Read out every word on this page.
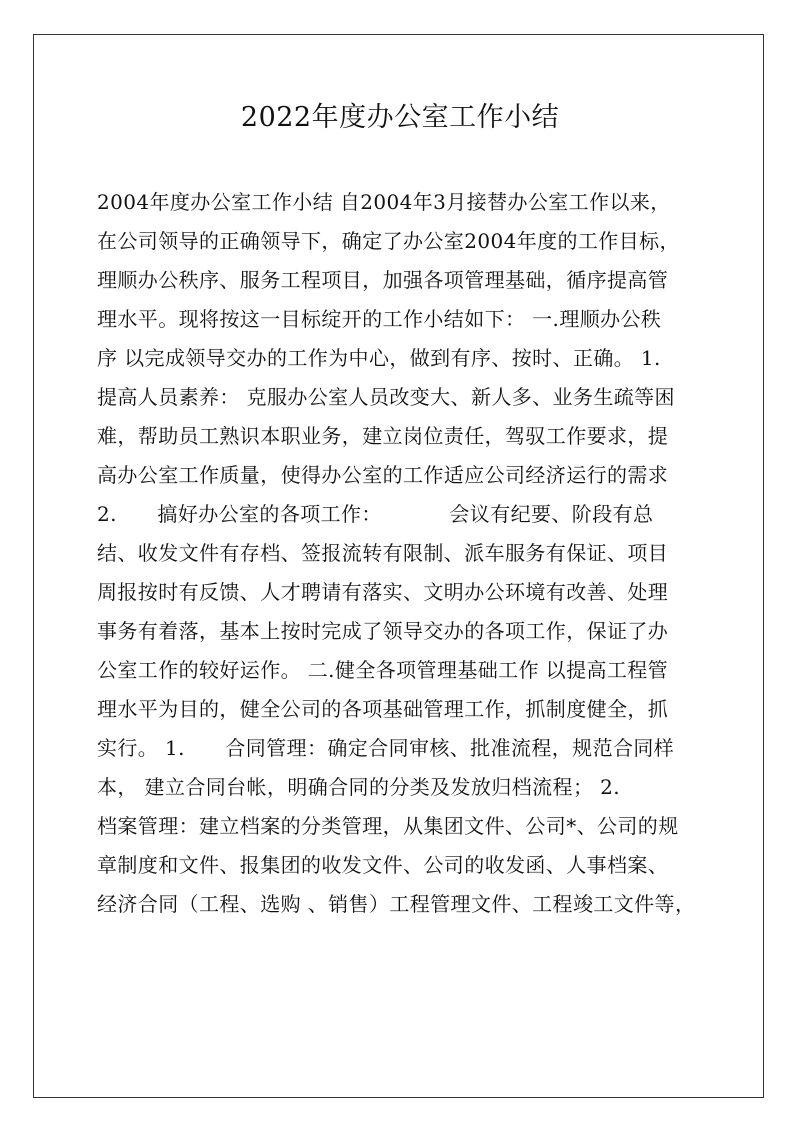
2022年度办公室工作小结
2004年度办公室工作小结 自2004年3月接替办公室工作以来，
在公司领导的正确领导下，确定了办公室2004年度的工作目标，
理顺办公秩序、服务工程项目，加强各项管理基础，循序提高管
理水平。现将按这一目标绽开的工作小结如下： 一.理顺办公秩
序 以完成领导交办的工作为中心，做到有序、按时、正确。 1.
提高人员素养： 克服办公室人员改变大、新人多、业务生疏等困
难，帮助员工熟识本职业务，建立岗位责任，驾驭工作要求，提
高办公室工作质量，使得办公室的工作适应公司经济运行的需求
2.      搞好办公室的各项工作：          会议有纪要、阶段有总
结、收发文件有存档、签报流转有限制、派车服务有保证、项目
周报按时有反馈、人才聘请有落实、文明办公环境有改善、处理
事务有着落，基本上按时完成了领导交办的各项工作，保证了办
公室工作的较好运作。 二.健全各项管理基础工作 以提高工程管
理水平为目的，健全公司的各项基础管理工作，抓制度健全，抓
实行。 1.      合同管理：确定合同审核、批准流程，规范合同样
本， 建立合同台帐，明确合同的分类及发放归档流程； 2.
档案管理：建立档案的分类管理，从集团文件、公司*、公司的规
章制度和文件、报集团的收发文件、公司的收发函、人事档案、
经济合同（工程、选购 、销售）工程管理文件、工程竣工文件等，
